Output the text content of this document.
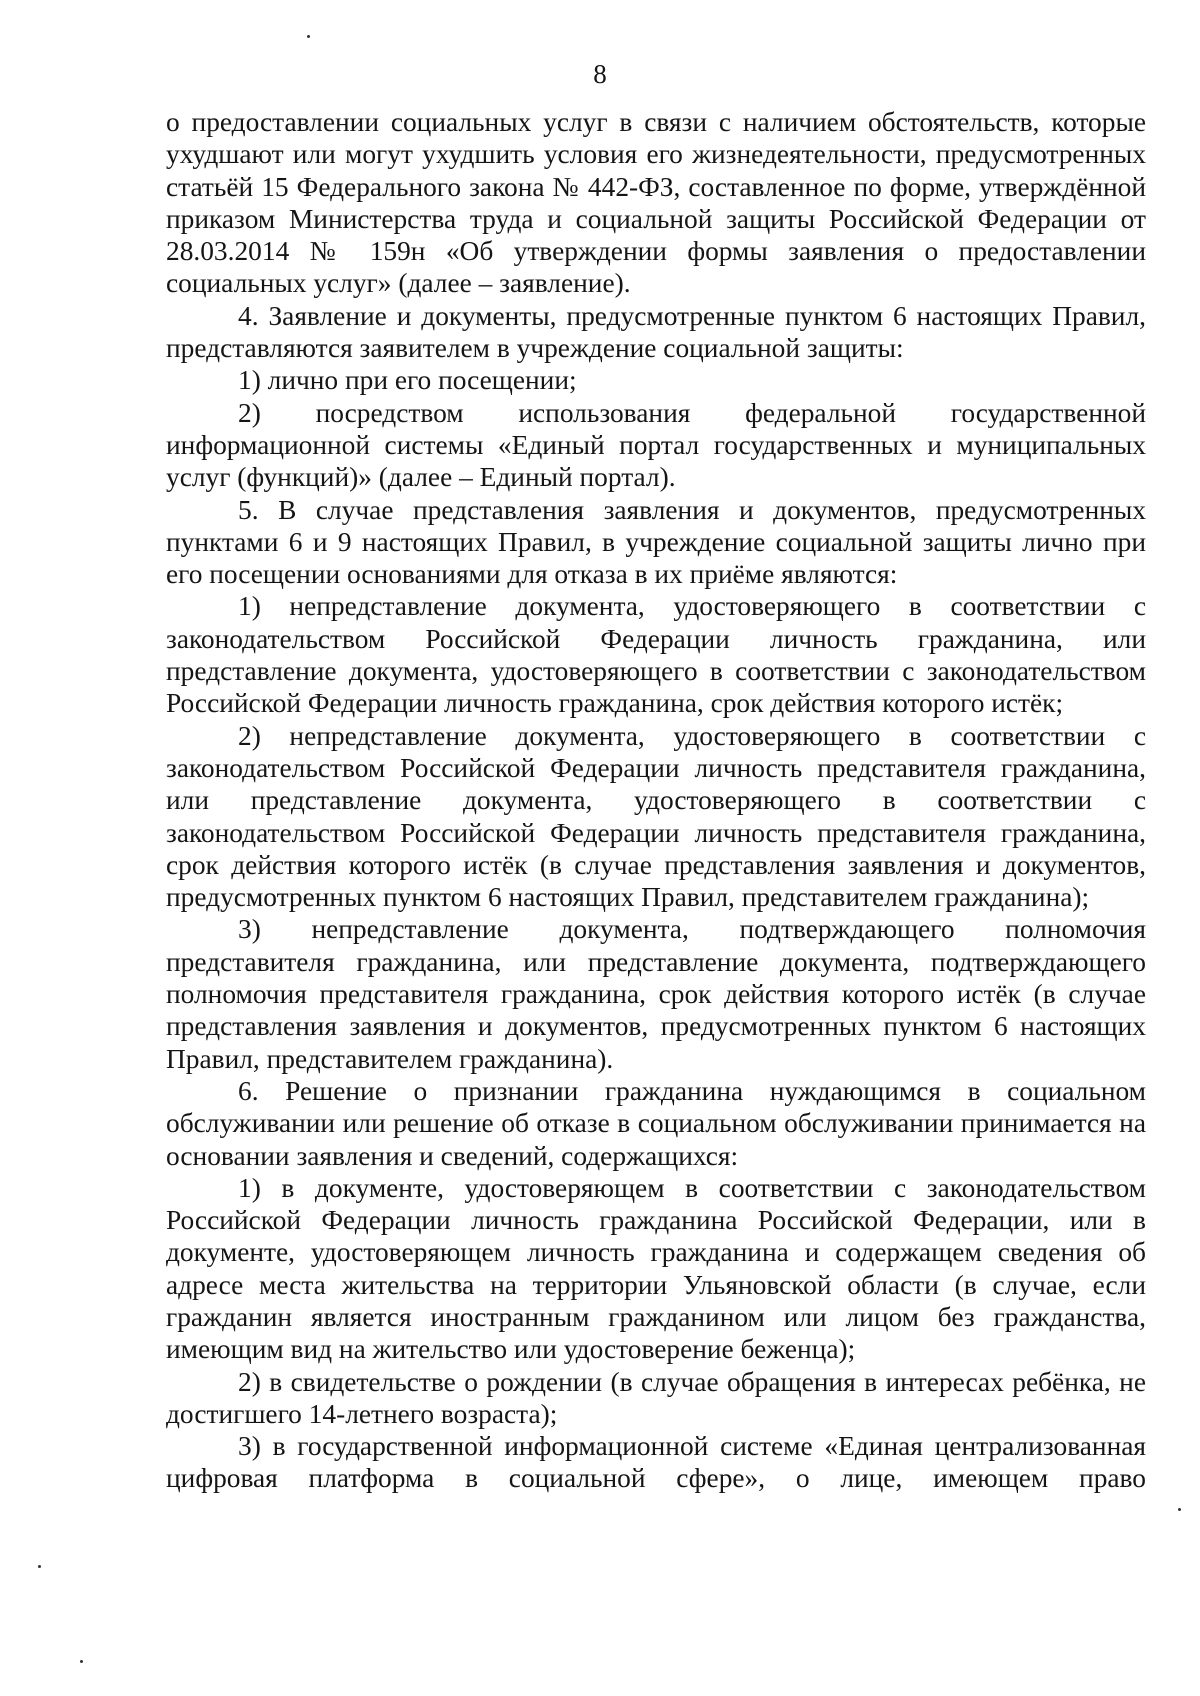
8

о предоставлении социальных услуг в связи с наличием обстоятельств, которые ухудшают или могут ухудшить условия его жизнедеятельности, предусмотренных статьёй 15 Федерального закона № 442-ФЗ, составленное по форме, утверждённой приказом Министерства труда и социальной защиты Российской Федерации от 28.03.2014 № 159н «Об утверждении формы заявления о предоставлении социальных услуг» (далее – заявление).

4. Заявление и документы, предусмотренные пунктом 6 настоящих Правил, представляются заявителем в учреждение социальной защиты:

1) лично при его посещении;

2) посредством использования федеральной государственной информационной системы «Единый портал государственных и муниципальных услуг (функций)» (далее – Единый портал).

5. В случае представления заявления и документов, предусмотренных пунктами 6 и 9 настоящих Правил, в учреждение социальной защиты лично при его посещении основаниями для отказа в их приёме являются:

1) непредставление документа, удостоверяющего в соответствии с законодательством Российской Федерации личность гражданина, или представление документа, удостоверяющего в соответствии с законодательством Российской Федерации личность гражданина, срок действия которого истёк;

2) непредставление документа, удостоверяющего в соответствии с законодательством Российской Федерации личность представителя гражданина, или представление документа, удостоверяющего в соответствии с законодательством Российской Федерации личность представителя гражданина, срок действия которого истёк (в случае представления заявления и документов, предусмотренных пунктом 6 настоящих Правил, представителем гражданина);

3) непредставление документа, подтверждающего полномочия представителя гражданина, или представление документа, подтверждающего полномочия представителя гражданина, срок действия которого истёк (в случае представления заявления и документов, предусмотренных пунктом 6 настоящих Правил, представителем гражданина).

6. Решение о признании гражданина нуждающимся в социальном обслуживании или решение об отказе в социальном обслуживании принимается на основании заявления и сведений, содержащихся:

1) в документе, удостоверяющем в соответствии с законодательством Российской Федерации личность гражданина Российской Федерации, или в документе, удостоверяющем личность гражданина и содержащем сведения об адресе места жительства на территории Ульяновской области (в случае, если гражданин является иностранным гражданином или лицом без гражданства, имеющим вид на жительство или удостоверение беженца);

2) в свидетельстве о рождении (в случае обращения в интересах ребёнка, не достигшего 14-летнего возраста);

3) в государственной информационной системе «Единая централизованная цифровая платформа в социальной сфере», о лице, имеющем право
